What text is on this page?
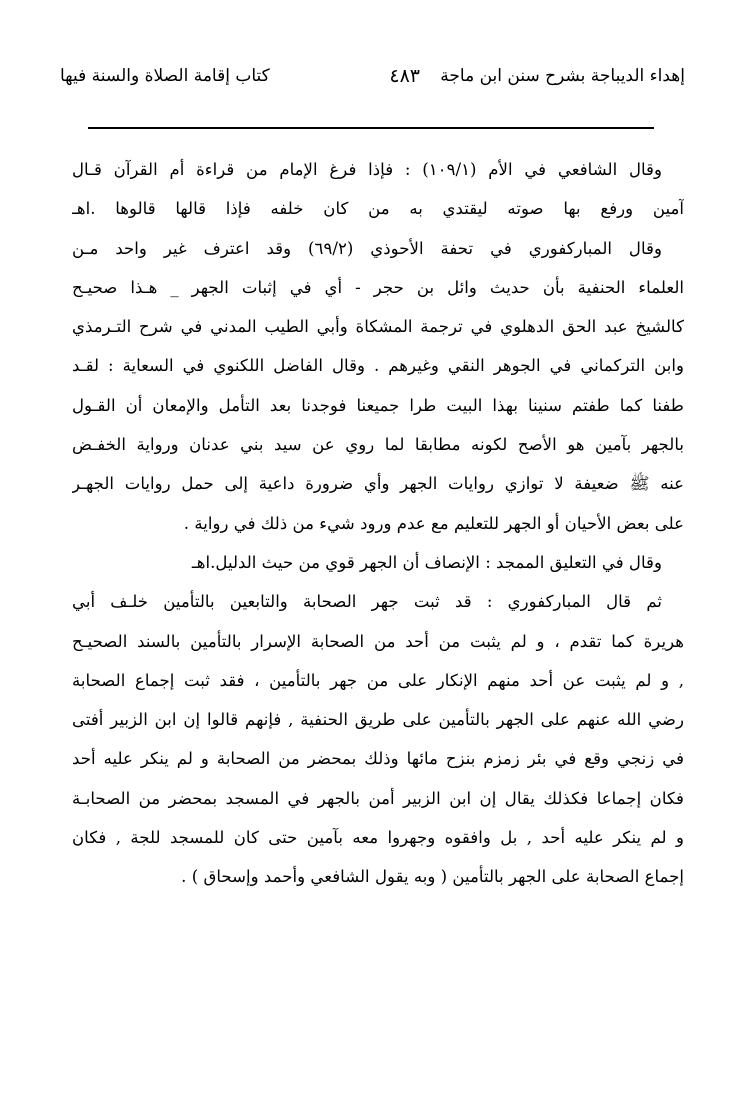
إهداء الديباجة بشرح سنن ابن ماجة
٤٨٣
كتاب إقامة الصلاة والسنة فيها
وقال الشافعي في الأم (١٠٩/١) : فإذا فرغ الإمام من قراءة أم القرآن قـال
آمين ورفع بها صوته ليقتدي به من كان خلفه فإذا قالها قالوها .اهـ
وقال المباركفوري في تحفة الأحوذي (٦٩/٢) وقد اعترف غير واحد مـن
العلماء الحنفية بأن حديث وائل بن حجر - أي في إثبات الجهر _ هـذا صحيـح
كالشيخ عبد الحق الدهلوي في ترجمة المشكاة وأبي الطيب المدني في شرح التـرمذي
وابن التركماني في الجوهر النقي وغيرهم . وقال الفاضل اللكنوي في السعاية : لقـد
طفنا كما طفتم سنينا بهذا البيت طرا جميعنا فوجدنا بعد التأمل والإمعان أن القـول
بالجهر بآمين هو الأصح لكونه مطابقا لما روي عن سيد بني عدنان ورواية الخفـض
عنه ﷺ ضعيفة لا توازي روايات الجهر وأي ضرورة داعية إلى حمل روايات الجهـر
على بعض الأحيان أو الجهر للتعليم مع عدم ورود شيء من ذلك في رواية .
وقال في التعليق الممجد : الإنصاف أن الجهر قوي من حيث الدليل.اهـ
ثم قال المباركفوري : قد ثبت جهر الصحابة والتابعين بالتأمين خلـف أبي
هريرة كما تقدم ، و لم يثبت من أحد من الصحابة الإسرار بالتأمين بالسند الصحيـح
, و لم يثبت عن أحد منهم الإنكار على من جهر بالتأمين ، فقد ثبت إجماع الصحابة
رضي الله عنهم على الجهر بالتأمين على طريق الحنفية , فإنهم قالوا إن ابن الزبير أفتى
في زنجي وقع في بئر زمزم بنزح مائها وذلك بمحضر من الصحابة و لم ينكر عليه أحد
فكان إجماعا فكذلك يقال إن ابن الزبير أمن بالجهر في المسجد بمحضر من الصحابـة
و لم ينكر عليه أحد , بل وافقوه وجهروا معه بآمين حتى كان للمسجد للجة , فكان
إجماع الصحابة على الجهر بالتأمين ( وبه يقول الشافعي وأحمد وإسحاق ) .
